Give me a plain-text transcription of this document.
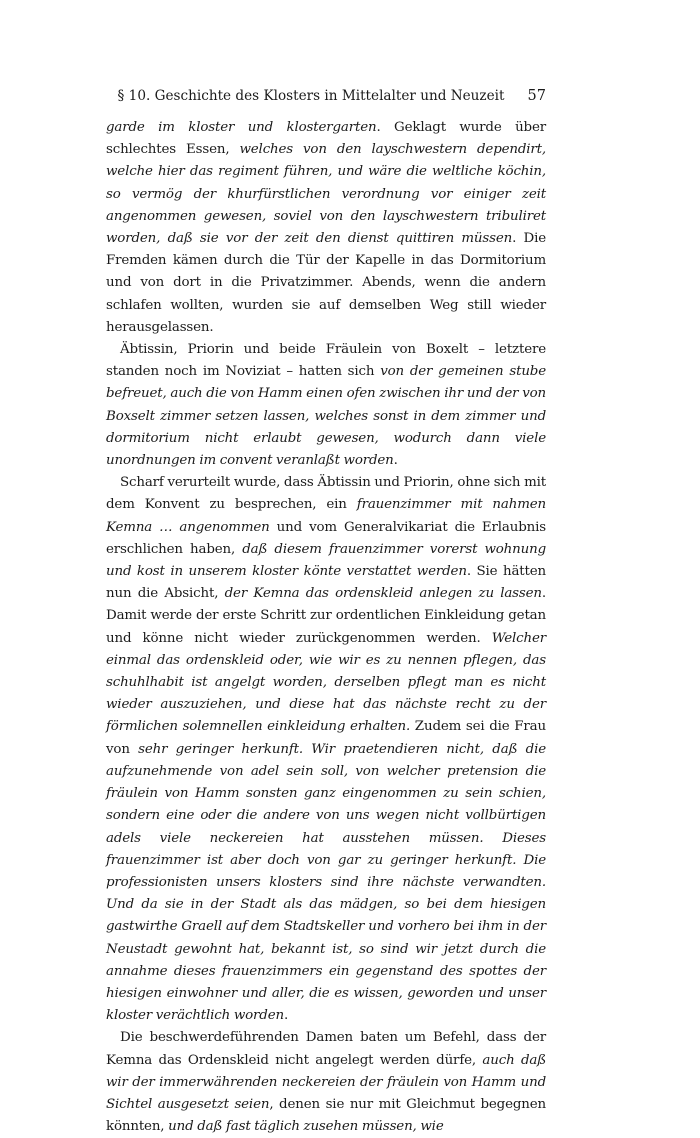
§ 10. Geschichte des Klosters in Mittelalter und Neuzeit	57

garde im kloster und klostergarten. Geklagt wurde über schlechtes Essen, welches von den layschwestern dependirt, welche hier das regiment führen, und wäre die weltliche köchin, so vermög der khurfürstlichen verordnung vor einiger zeit angenommen gewesen, soviel von den layschwestern tribuliret worden, daß sie vor der zeit den dienst quittiren müssen. Die Fremden kämen durch die Tür der Kapelle in das Dormitorium und von dort in die Privatzimmer. Abends, wenn die andern schlafen wollten, wurden sie auf demselben Weg still wieder herausgelassen.

Äbtissin, Priorin und beide Fräulein von Boxelt – letztere standen noch im Noviziat – hatten sich von der gemeinen stube befreuet, auch die von Hamm einen ofen zwischen ihr und der von Boxselt zimmer setzen lassen, welches sonst in dem zimmer und dormitorium nicht erlaubt gewesen, wodurch dann viele unordnungen im convent veranlaßt worden.

Scharf verurteilt wurde, dass Äbtissin und Priorin, ohne sich mit dem Konvent zu besprechen, ein frauenzimmer mit nahmen Kemna … angenommen und vom Generalvikariat die Erlaubnis erschlichen haben, daß diesem frauenzimmer vorerst wohnung und kost in unserem kloster könte verstattet werden. Sie hätten nun die Absicht, der Kemna das ordenskleid anlegen zu lassen. Damit werde der erste Schritt zur ordentlichen Einkleidung getan und könne nicht wieder zurückgenommen werden. Welcher einmal das ordenskleid oder, wie wir es zu nennen pflegen, das schuhlhabit ist angelgt worden, derselben pflegt man es nicht wieder auszuziehen, und diese hat das nächste recht zu der förmlichen solemnellen einkleidung erhalten. Zudem sei die Frau von sehr geringer herkunft. Wir praetendieren nicht, daß die aufzunehmende von adel sein soll, von welcher pretension die fräulein von Hamm sonsten ganz eingenommen zu sein schien, sondern eine oder die andere von uns wegen nicht vollbürtigen adels viele neckereien hat ausstehen müssen. Dieses frauenzimmer ist aber doch von gar zu geringer herkunft. Die professionisten unsers klosters sind ihre nächste verwandten. Und da sie in der Stadt als das mädgen, so bei dem hiesigen gastwirthe Graell auf dem Stadtskeller und vorhero bei ihm in der Neustadt gewohnt hat, bekannt ist, so sind wir jetzt durch die annahme dieses frauenzimmers ein gegenstand des spottes der hiesigen einwohner und aller, die es wissen, geworden und unser kloster verächtlich worden.

Die beschwerdeführenden Damen baten um Befehl, dass der Kemna das Ordenskleid nicht angelegt werden dürfe, auch daß wir der immerwährenden neckereien der fräulein von Hamm und Sichtel ausgesetzt seien, denen sie nur mit Gleichmut begegnen könnten, und daß fast täglich zusehen müssen, wie
